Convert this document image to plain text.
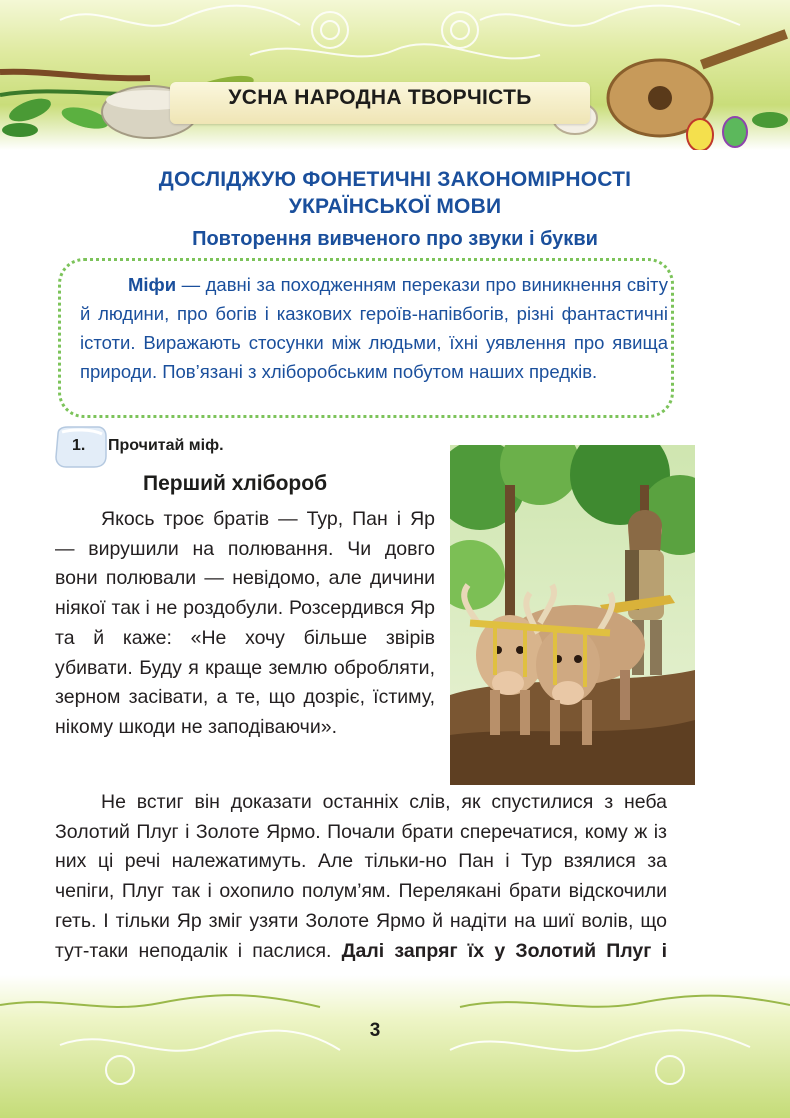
УСНА НАРОДНА ТВОРЧІСТЬ
ДОСЛІДЖУЮ ФОНЕТИЧНІ ЗАКОНОМІРНОСТІ
УКРАЇНСЬКОЇ МОВИ
Повторення вивченого про звуки і букви
Міфи — давні за походженням перекази про виникнення світу й людини, про богів і казкових героїв-напівбогів, різні фантастичні істоти. Виражають стосунки між людьми, їхні уявлення про явища природи. Пов’язані з хліборобським побутом наших предків.
1. Прочитай міф.
Перший хлібороб
Якось троє братів — Тур, Пан і Яр — вирушили на полювання. Чи довго вони полювали — невідомо, але дичини ніякої так і не роздобули. Розсердився Яр та й каже: «Не хочу більше звірів убивати. Буду я краще землю обробляти, зерном засівати, а те, що дозріє, їстиму, нікому шкоди не заподіваючи».
Не встиг він доказати останніх слів, як спустилися з неба Золотий Плуг і Золоте Ярмо. Почали брати сперечатися, кому ж із них ці речі належатимуть. Але тільки-но Пан і Тур взялися за чепіги, Плуг так і охопило полум’ям. Перелякані брати відскочили геть. І тільки Яр зміг узяти Золоте Ярмо й надіти на шиї волів, що тут-таки неподалік і паслися. Далі запряг їх у Золотий Плуг і
3
